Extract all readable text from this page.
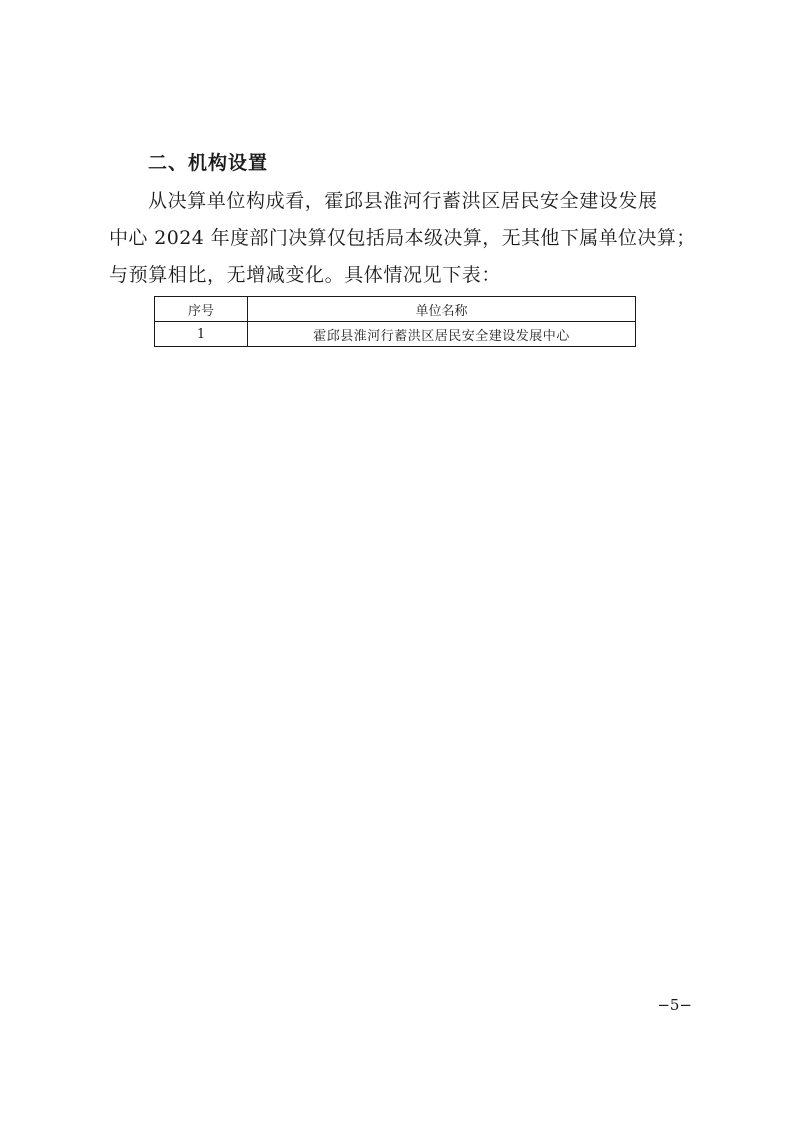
二、机构设置
从决算单位构成看，霍邱县淮河行蓄洪区居民安全建设发展
中心 2024 年度部门决算仅包括局本级决算，无其他下属单位决算；
与预算相比，无增减变化。具体情况见下表：
序号	单位名称
1	霍邱县淮河行蓄洪区居民安全建设发展中心
−5−
